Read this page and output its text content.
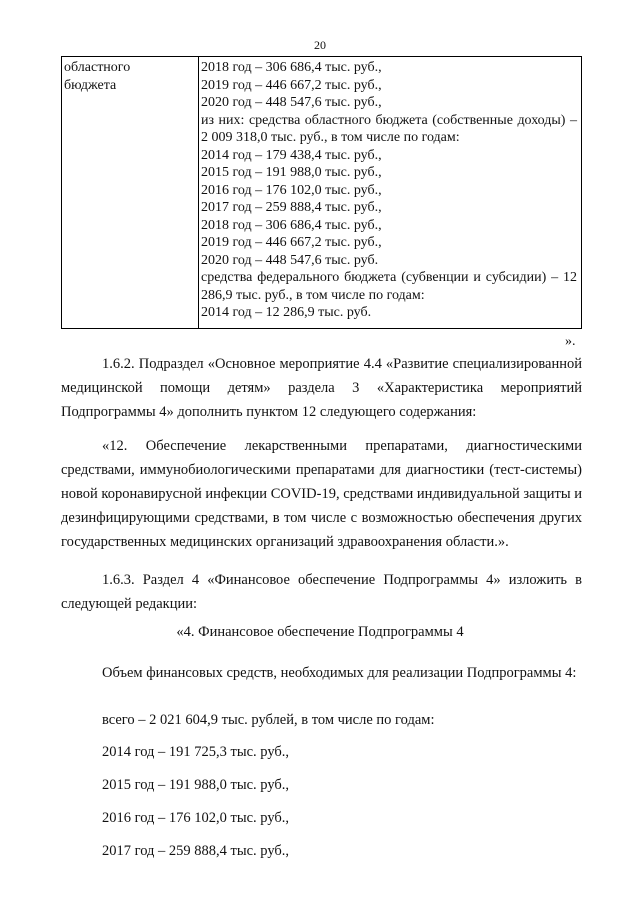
20
областного
бюджета

2018 год – 306 686,4 тыс. руб.,
2019 год – 446 667,2 тыс. руб.,
2020 год – 448 547,6 тыс. руб.,
из них: средства областного бюджета (собственные доходы) – 2 009 318,0 тыс. руб., в том числе по годам:
2014 год – 179 438,4 тыс. руб.,
2015 год – 191 988,0 тыс. руб.,
2016 год – 176 102,0 тыс. руб.,
2017 год – 259 888,4 тыс. руб.,
2018 год – 306 686,4 тыс. руб.,
2019 год – 446 667,2 тыс. руб.,
2020 год – 448 547,6 тыс. руб.
средства федерального бюджета (субвенции и субсидии) – 12 286,9 тыс. руб., в том числе по годам:
2014 год – 12 286,9 тыс. руб.
».
1.6.2. Подраздел «Основное мероприятие 4.4 «Развитие специализированной медицинской помощи детям» раздела 3 «Характеристика мероприятий Подпрограммы 4» дополнить пунктом 12 следующего содержания:
«12. Обеспечение лекарственными препаратами, диагностическими средствами, иммунобиологическими препаратами для диагностики (тест-системы) новой коронавирусной инфекции COVID-19, средствами индивидуальной защиты и дезинфицирующими средствами, в том числе с возможностью обеспечения других государственных медицинских организаций здравоохранения области.».
1.6.3. Раздел 4 «Финансовое обеспечение Подпрограммы 4» изложить в следующей редакции:
«4. Финансовое обеспечение Подпрограммы 4
Объем финансовых средств, необходимых для реализации Подпрограммы 4:
всего – 2 021 604,9 тыс. рублей, в том числе по годам:
2014 год – 191 725,3 тыс. руб.,
2015 год – 191 988,0 тыс. руб.,
2016 год – 176 102,0 тыс. руб.,
2017 год – 259 888,4 тыс. руб.,
